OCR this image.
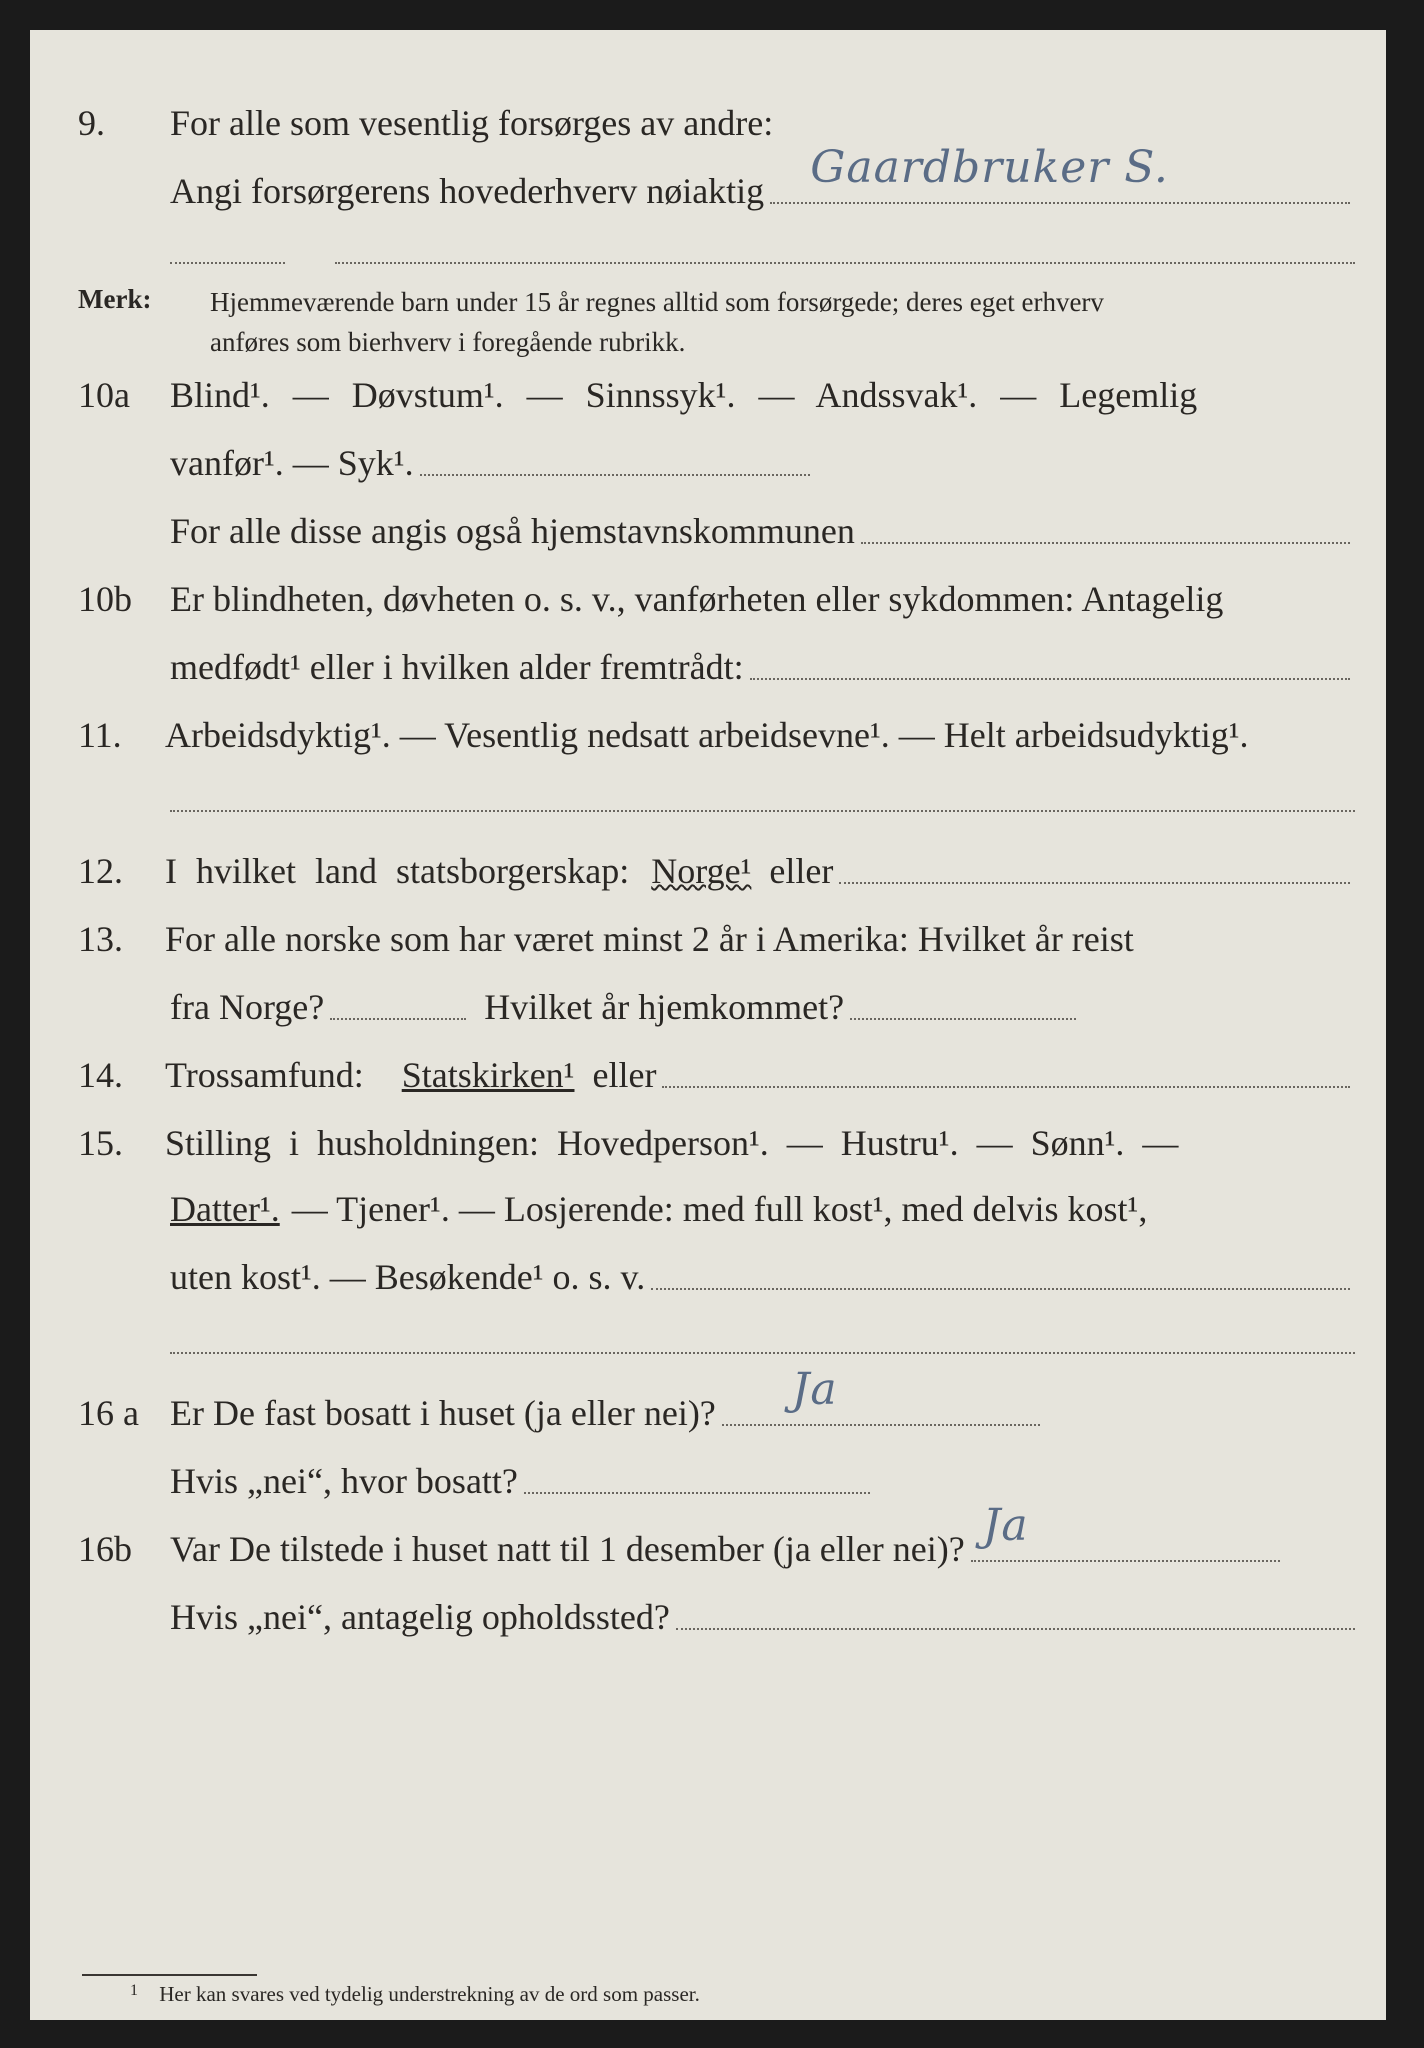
9. For alle som vesentlig forsørges av andre:
Angi forsørgerens hovederhverv nøiaktig Gaardbruker S.
Merk: Hjemmeværende barn under 15 år regnes alltid som forsørgede; deres eget erhverv
anføres som bierhverv i foregående rubrikk.
10a Blind¹. — Døvstum¹. — Sinnssyk¹. — Andssvak¹. — Legemlig
vanfør¹. — Syk¹.
For alle disse angis også hjemstavnskommunen
10b Er blindheten, døvheten o. s. v., vanførheten eller sykdommen: Antagelig
medfødt¹ eller i hvilken alder fremtrådt:
11. Arbeidsdyktig¹. — Vesentlig nedsatt arbeidsevne¹. — Helt arbeidsudyktig¹.
12. I hvilket land statsborgerskap: Norge¹ eller
13. For alle norske som har været minst 2 år i Amerika: Hvilket år reist
fra Norge?	Hvilket år hjemkommet?
14. Trossamfund: Statskirken¹ eller
15. Stilling i husholdningen: Hovedperson¹. — Hustru¹. — Sønn¹. —
Datter¹. — Tjener¹. — Losjerende: med full kost¹, med delvis kost¹,
uten kost¹. — Besøkende¹ o. s. v.
16 a Er De fast bosatt i huset (ja eller nei)? Ja
Hvis „nei“, hvor bosatt?
16b Var De tilstede i huset natt til 1 desember (ja eller nei)? Ja
Hvis „nei“, antagelig opholdssted?
$^1$ Her kan svares ved tydelig understrekning av de ord som passer.
